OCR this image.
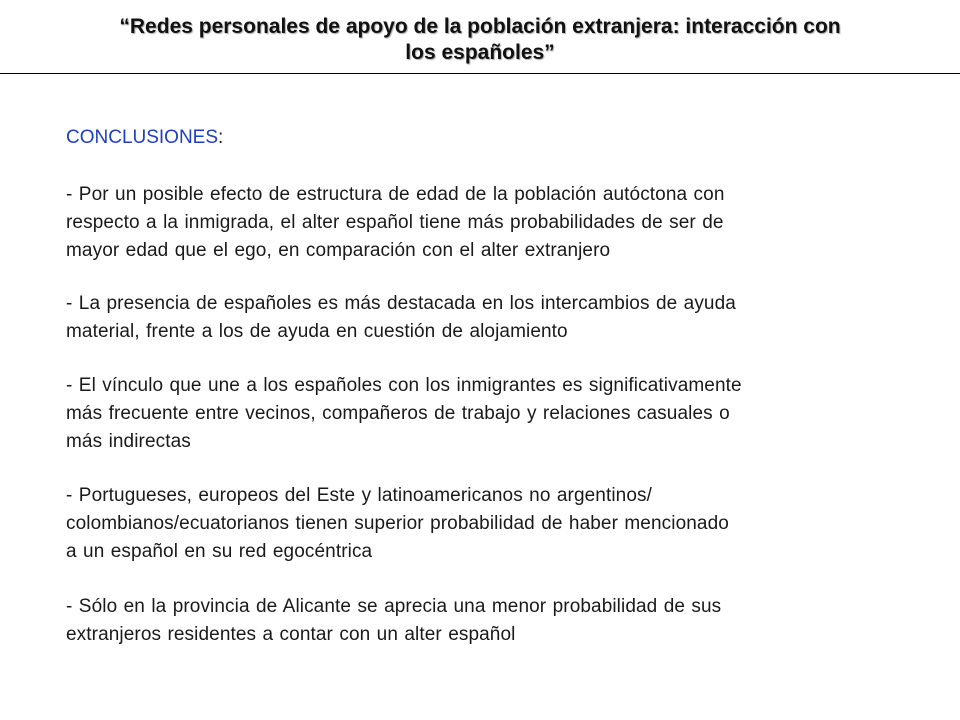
“Redes personales de apoyo de la población extranjera: interacción con
los españoles”
CONCLUSIONES:
- Por un posible efecto de estructura de edad de la población autóctona con
respecto a la inmigrada, el alter español tiene más probabilidades de ser de
mayor edad que el ego, en comparación con el alter extranjero
- La presencia de españoles es más destacada en los intercambios de ayuda
material, frente a los de ayuda en cuestión de alojamiento
- El vínculo que une a los españoles con los inmigrantes es significativamente
más frecuente entre vecinos, compañeros de trabajo y relaciones casuales o
más indirectas
- Portugueses, europeos del Este y latinoamericanos no argentinos/
colombianos/ecuatorianos tienen superior probabilidad de haber mencionado
a un español en su red egocéntrica
- Sólo en la provincia de Alicante se aprecia una menor probabilidad de sus
extranjeros residentes a contar con un alter español
